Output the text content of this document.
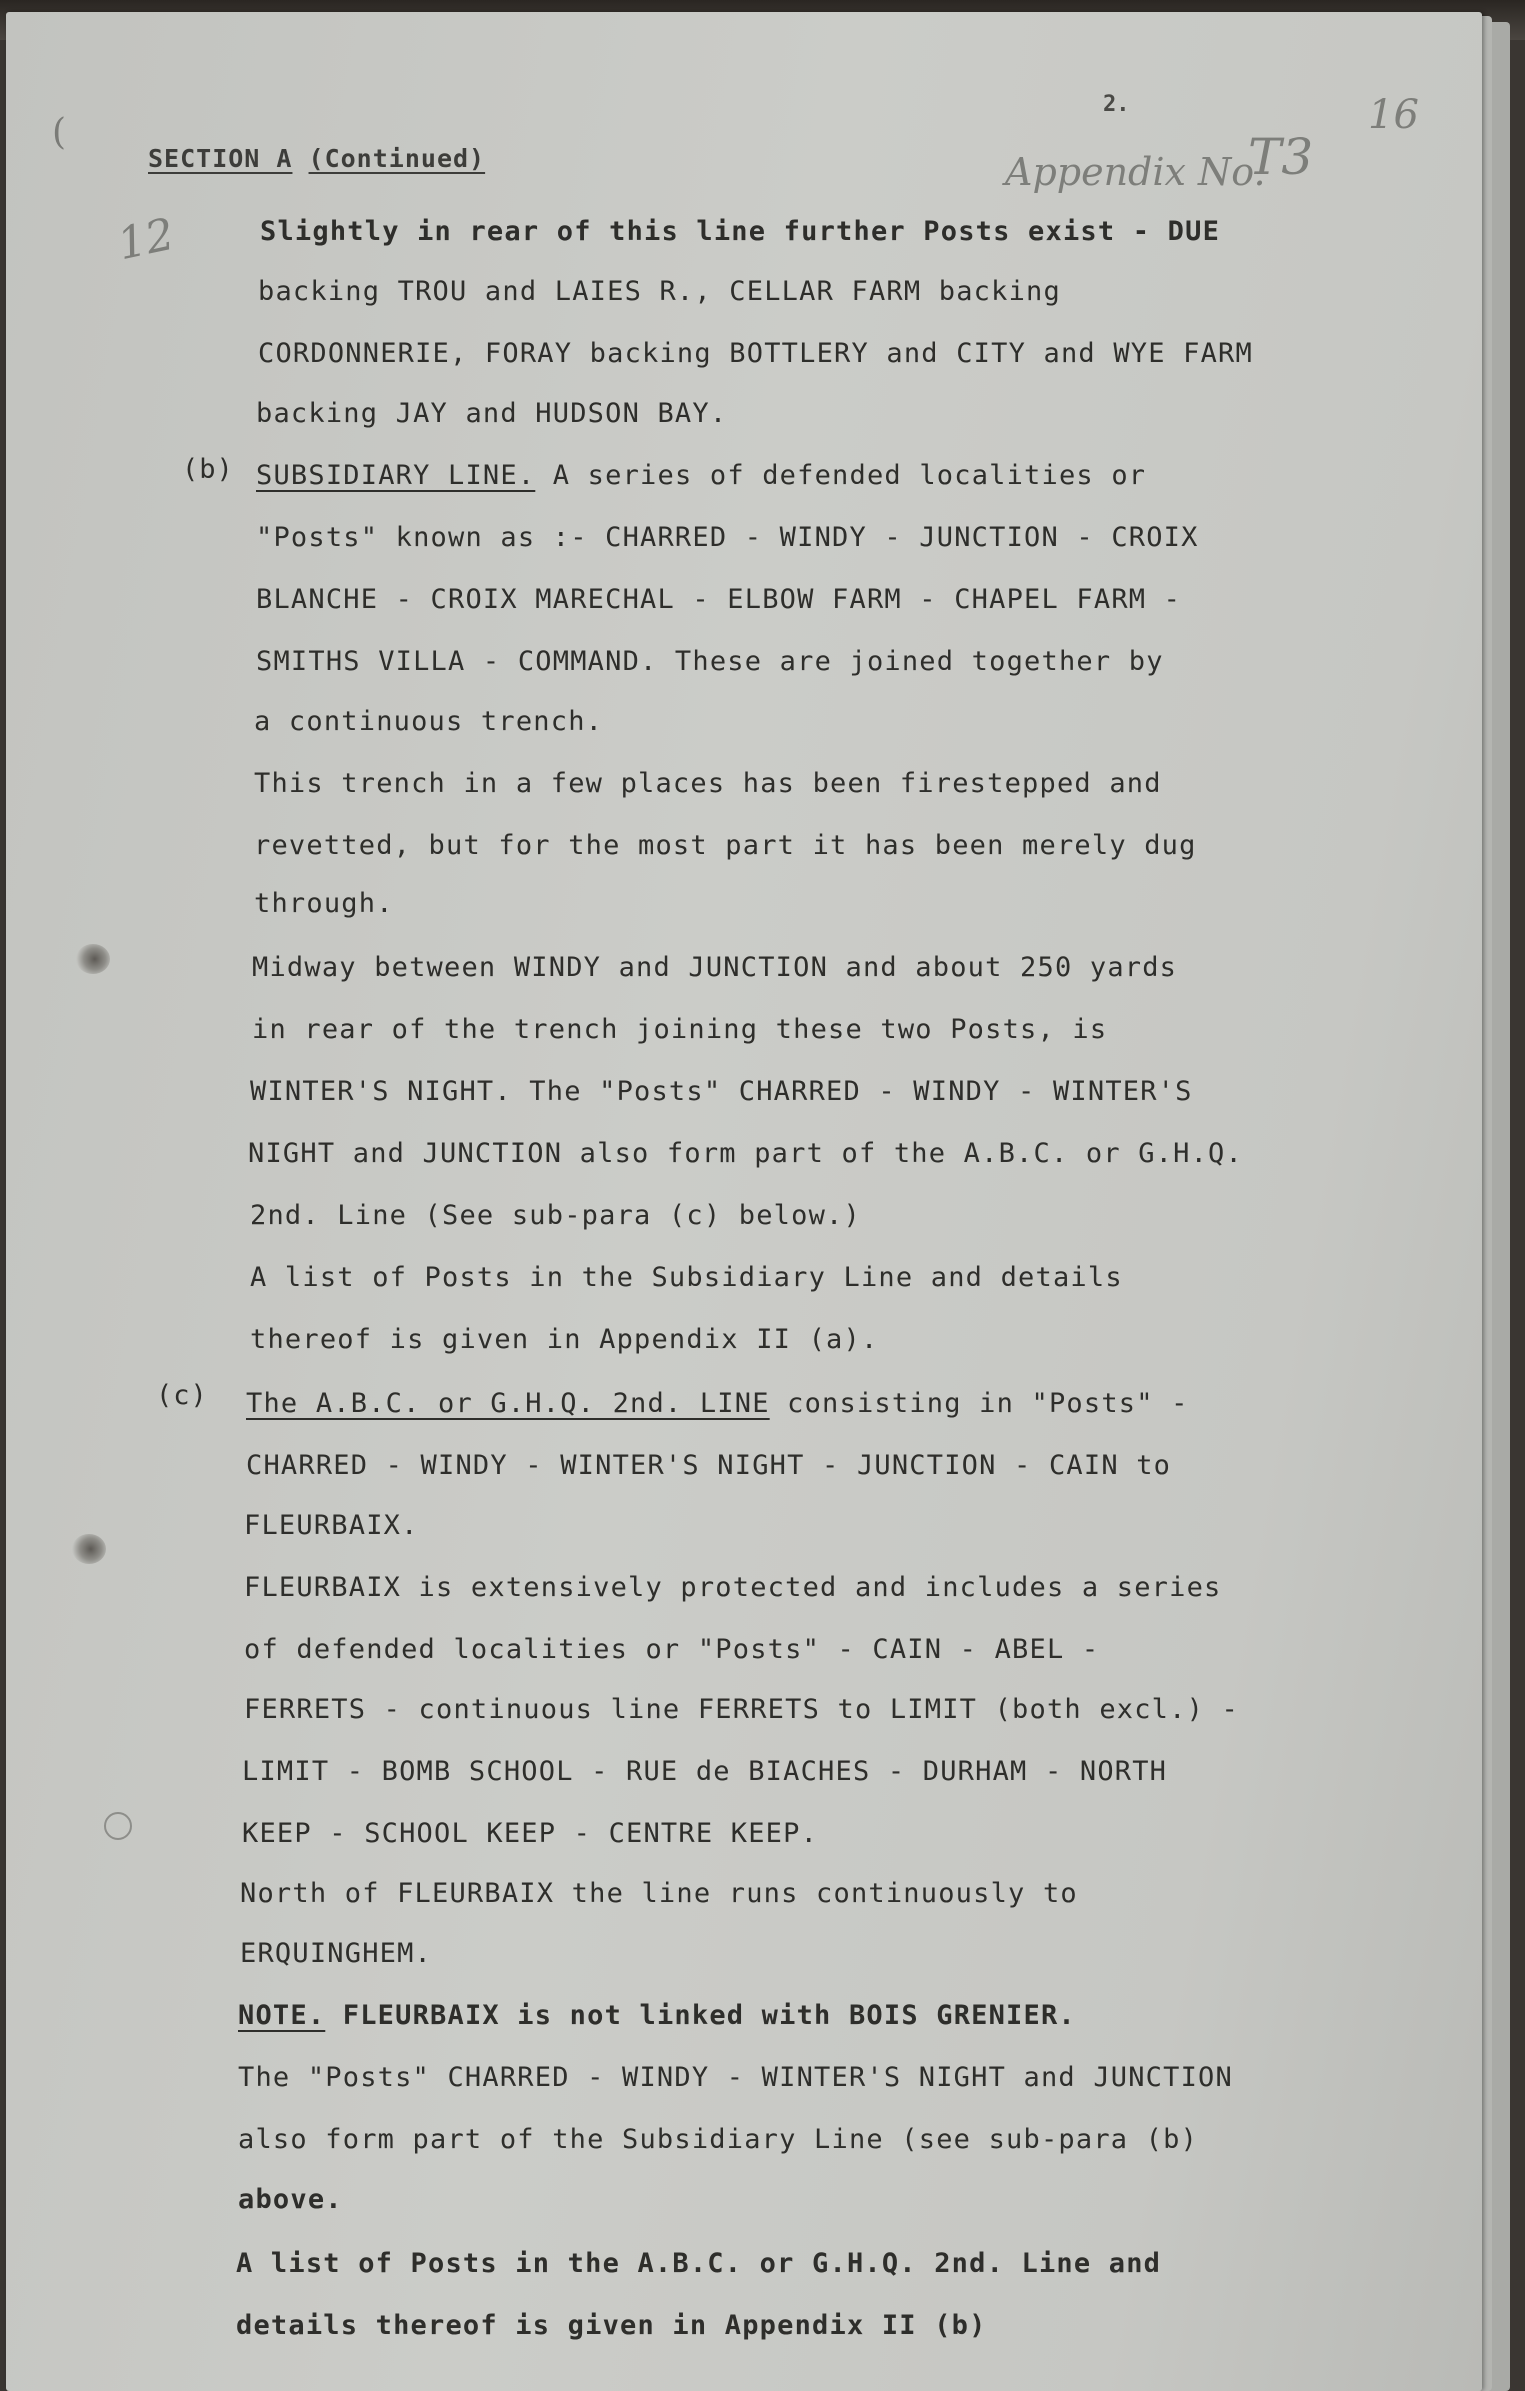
(
2.	16
Appendix No.
T3
12
SECTION A (Continued)
Slightly in rear of this line further Posts exist - DUE
backing TROU and LAIES R., CELLAR FARM backing
CORDONNERIE, FORAY backing BOTTLERY and CITY and WYE FARM
backing JAY and HUDSON BAY.
(b) SUBSIDIARY LINE. A series of defended localities or
"Posts" known as :- CHARRED - WINDY - JUNCTION - CROIX
BLANCHE - CROIX MARECHAL - ELBOW FARM - CHAPEL FARM -
SMITHS VILLA - COMMAND. These are joined together by
a continuous trench.
This trench in a few places has been firestepped and
revetted, but for the most part it has been merely dug
through.
Midway between WINDY and JUNCTION and about 250 yards
in rear of the trench joining these two Posts, is
WINTER'S NIGHT. The "Posts" CHARRED - WINDY - WINTER'S
NIGHT and JUNCTION also form part of the A.B.C. or G.H.Q.
2nd. Line (See sub-para (c) below.)
A list of Posts in the Subsidiary Line and details
thereof is given in Appendix II (a).
(c) The A.B.C. or G.H.Q. 2nd. LINE consisting in "Posts" -
CHARRED - WINDY - WINTER'S NIGHT - JUNCTION - CAIN to
FLEURBAIX.
FLEURBAIX is extensively protected and includes a series
of defended localities or "Posts" - CAIN - ABEL -
FERRETS - continuous line FERRETS to LIMIT (both excl.) -
LIMIT - BOMB SCHOOL - RUE de BIACHES - DURHAM - NORTH
KEEP - SCHOOL KEEP - CENTRE KEEP.
North of FLEURBAIX the line runs continuously to
ERQUINGHEM.
NOTE. FLEURBAIX is not linked with BOIS GRENIER.
The "Posts" CHARRED - WINDY - WINTER'S NIGHT and JUNCTION
also form part of the Subsidiary Line (see sub-para (b)
above.
A list of Posts in the A.B.C. or G.H.Q. 2nd. Line and
details thereof is given in Appendix II (b)
